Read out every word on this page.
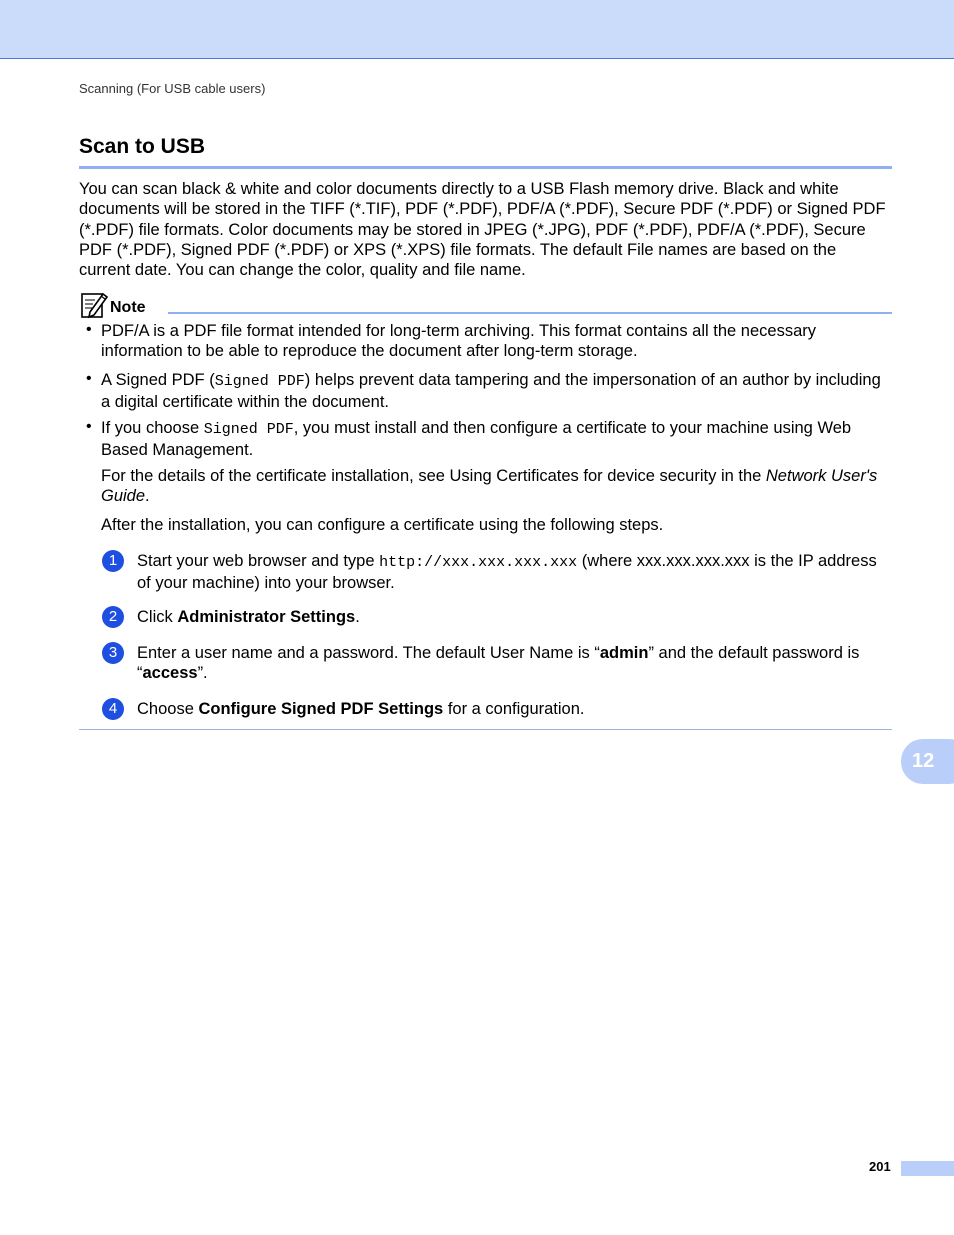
Scanning (For USB cable users)
Scan to USB

You can scan black & white and color documents directly to a USB Flash memory drive. Black and white documents will be stored in the TIFF (*.TIF), PDF (*.PDF), PDF/A (*.PDF), Secure PDF (*.PDF) or Signed PDF (*.PDF) file formats. Color documents may be stored in JPEG (*.JPG), PDF (*.PDF), PDF/A (*.PDF), Secure PDF (*.PDF), Signed PDF (*.PDF) or XPS (*.XPS) file formats. The default File names are based on the current date. You can change the color, quality and file name.

Note
• PDF/A is a PDF file format intended for long-term archiving. This format contains all the necessary information to be able to reproduce the document after long-term storage.

• A Signed PDF (Signed PDF) helps prevent data tampering and the impersonation of an author by including a digital certificate within the document.

• If you choose Signed PDF, you must install and then configure a certificate to your machine using Web Based Management.

For the details of the certificate installation, see Using Certificates for device security in the Network User's Guide.

After the installation, you can configure a certificate using the following steps.

1	Start your web browser and type http://xxx.xxx.xxx.xxx (where xxx.xxx.xxx.xxx is the IP address of your machine) into your browser.

2	Click Administrator Settings.

3	Enter a user name and a password. The default User Name is “admin” and the default password is “access”.

4	Choose Configure Signed PDF Settings for a configuration.

12
201
